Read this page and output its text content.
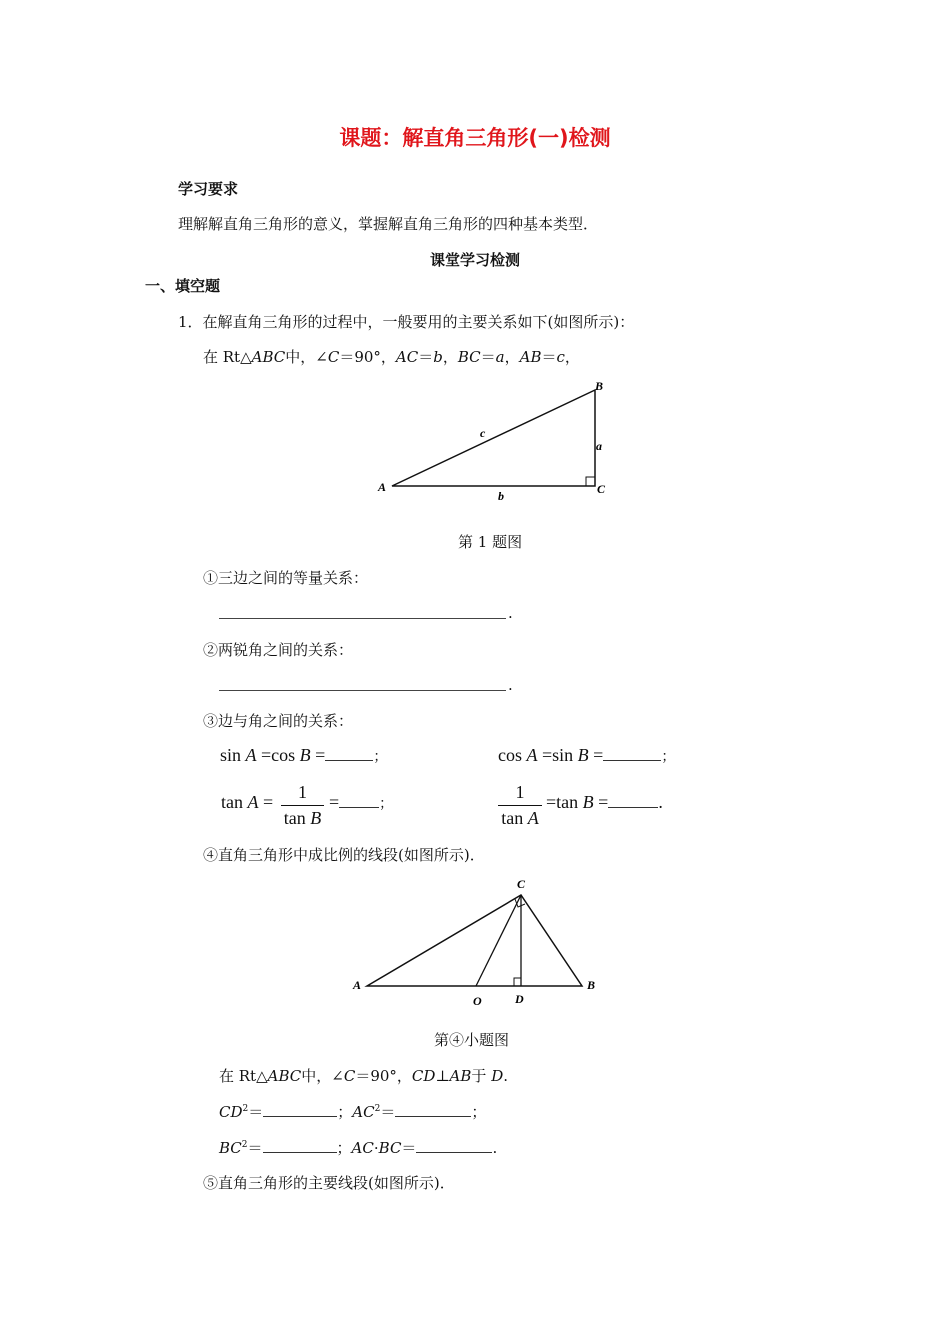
课题：解直角三角形(一)检测
学习要求
理解解直角三角形的意义，掌握解直角三角形的四种基本类型．
课堂学习检测
一、填空题
1．在解直角三角形的过程中，一般要用的主要关系如下(如图所示)：
在 Rt△ABC中，∠C＝90°，AC＝b，BC＝a，AB＝c，
A
B
C
a
b
c
第 1 题图
①三边之间的等量关系：
.
②两锐角之间的关系：
.
③边与角之间的关系：
sin A =cos B =	；	cos A =sin B =	；
tan A =	1
tan B
=	；
1
tan A
=tan B =	.
④直角三角形中成比例的线段(如图所示)．
A	B
C
O	D
第④小题图
在 Rt△ABC中，∠C＝90°，CD⊥AB于 D.
$CD^2=$	；$AC^2=$	；
$BC^2=$	；AC·BC＝	.
⑤直角三角形的主要线段(如图所示)．
